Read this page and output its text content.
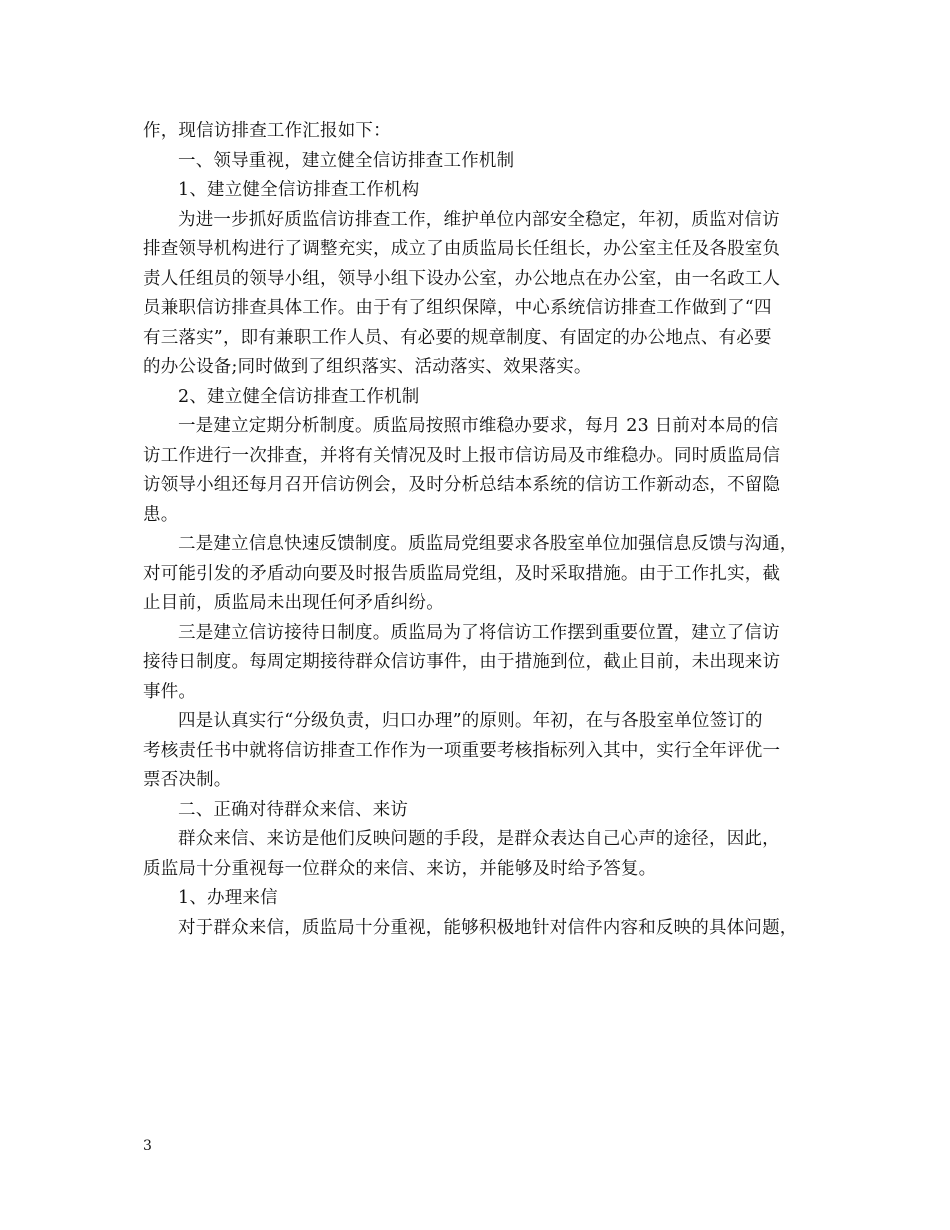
作，现信访排查工作汇报如下：
一、领导重视，建立健全信访排查工作机制
1、建立健全信访排查工作机构
为进一步抓好质监信访排查工作，维护单位内部安全稳定，年初，质监对信访
排查领导机构进行了调整充实，成立了由质监局长任组长，办公室主任及各股室负
责人任组员的领导小组，领导小组下设办公室，办公地点在办公室，由一名政工人
员兼职信访排查具体工作。由于有了组织保障，中心系统信访排查工作做到了“四
有三落实”，即有兼职工作人员、有必要的规章制度、有固定的办公地点、有必要
的办公设备;同时做到了组织落实、活动落实、效果落实。
2、建立健全信访排查工作机制
一是建立定期分析制度。质监局按照市维稳办要求，每月 23 日前对本局的信
访工作进行一次排查，并将有关情况及时上报市信访局及市维稳办。同时质监局信
访领导小组还每月召开信访例会，及时分析总结本系统的信访工作新动态，不留隐
患。
二是建立信息快速反馈制度。质监局党组要求各股室单位加强信息反馈与沟通，
对可能引发的矛盾动向要及时报告质监局党组，及时采取措施。由于工作扎实，截
止目前，质监局未出现任何矛盾纠纷。
三是建立信访接待日制度。质监局为了将信访工作摆到重要位置，建立了信访
接待日制度。每周定期接待群众信访事件，由于措施到位，截止目前，未出现来访
事件。
四是认真实行“分级负责，归口办理”的原则。年初，在与各股室单位签订的
考核责任书中就将信访排查工作作为一项重要考核指标列入其中，实行全年评优一
票否决制。
二、正确对待群众来信、来访
群众来信、来访是他们反映问题的手段，是群众表达自己心声的途径，因此，
质监局十分重视每一位群众的来信、来访，并能够及时给予答复。
1、办理来信
对于群众来信，质监局十分重视，能够积极地针对信件内容和反映的具体问题，
3
